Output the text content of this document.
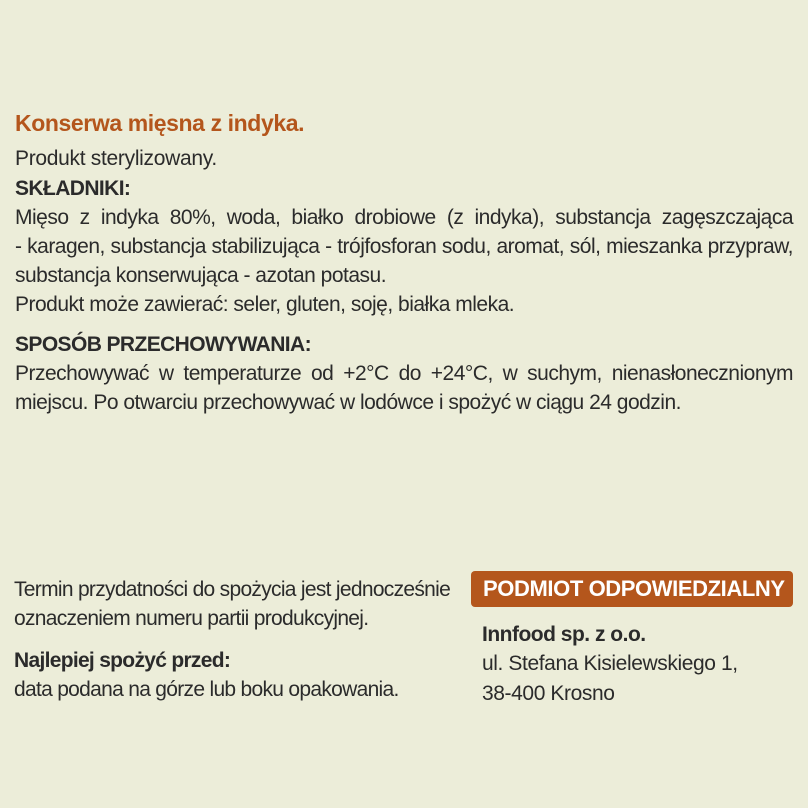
Konserwa mięsna z indyka.
Produkt sterylizowany.
SKŁADNIKI:
Mięso z indyka 80%, woda, białko drobiowe (z indyka), substancja zagęszczająca
- karagen, substancja stabilizująca - trójfosforan sodu, aromat, sól, mieszanka przypraw,
substancja konserwująca - azotan potasu.
Produkt może zawierać: seler, gluten, soję, białka mleka.
SPOSÓB PRZECHOWYWANIA:
Przechowywać w temperaturze od +2°C do +24°C, w suchym, nienasłonecznionym
miejscu. Po otwarciu przechowywać w lodówce i spożyć w ciągu 24 godzin.
Termin przydatności do spożycia jest jednocześnie
oznaczeniem numeru partii produkcyjnej.
Najlepiej spożyć przed:
data podana na górze lub boku opakowania.
PODMIOT ODPOWIEDZIALNY
Innfood sp. z o.o.
ul. Stefana Kisielewskiego 1,
38-400 Krosno
